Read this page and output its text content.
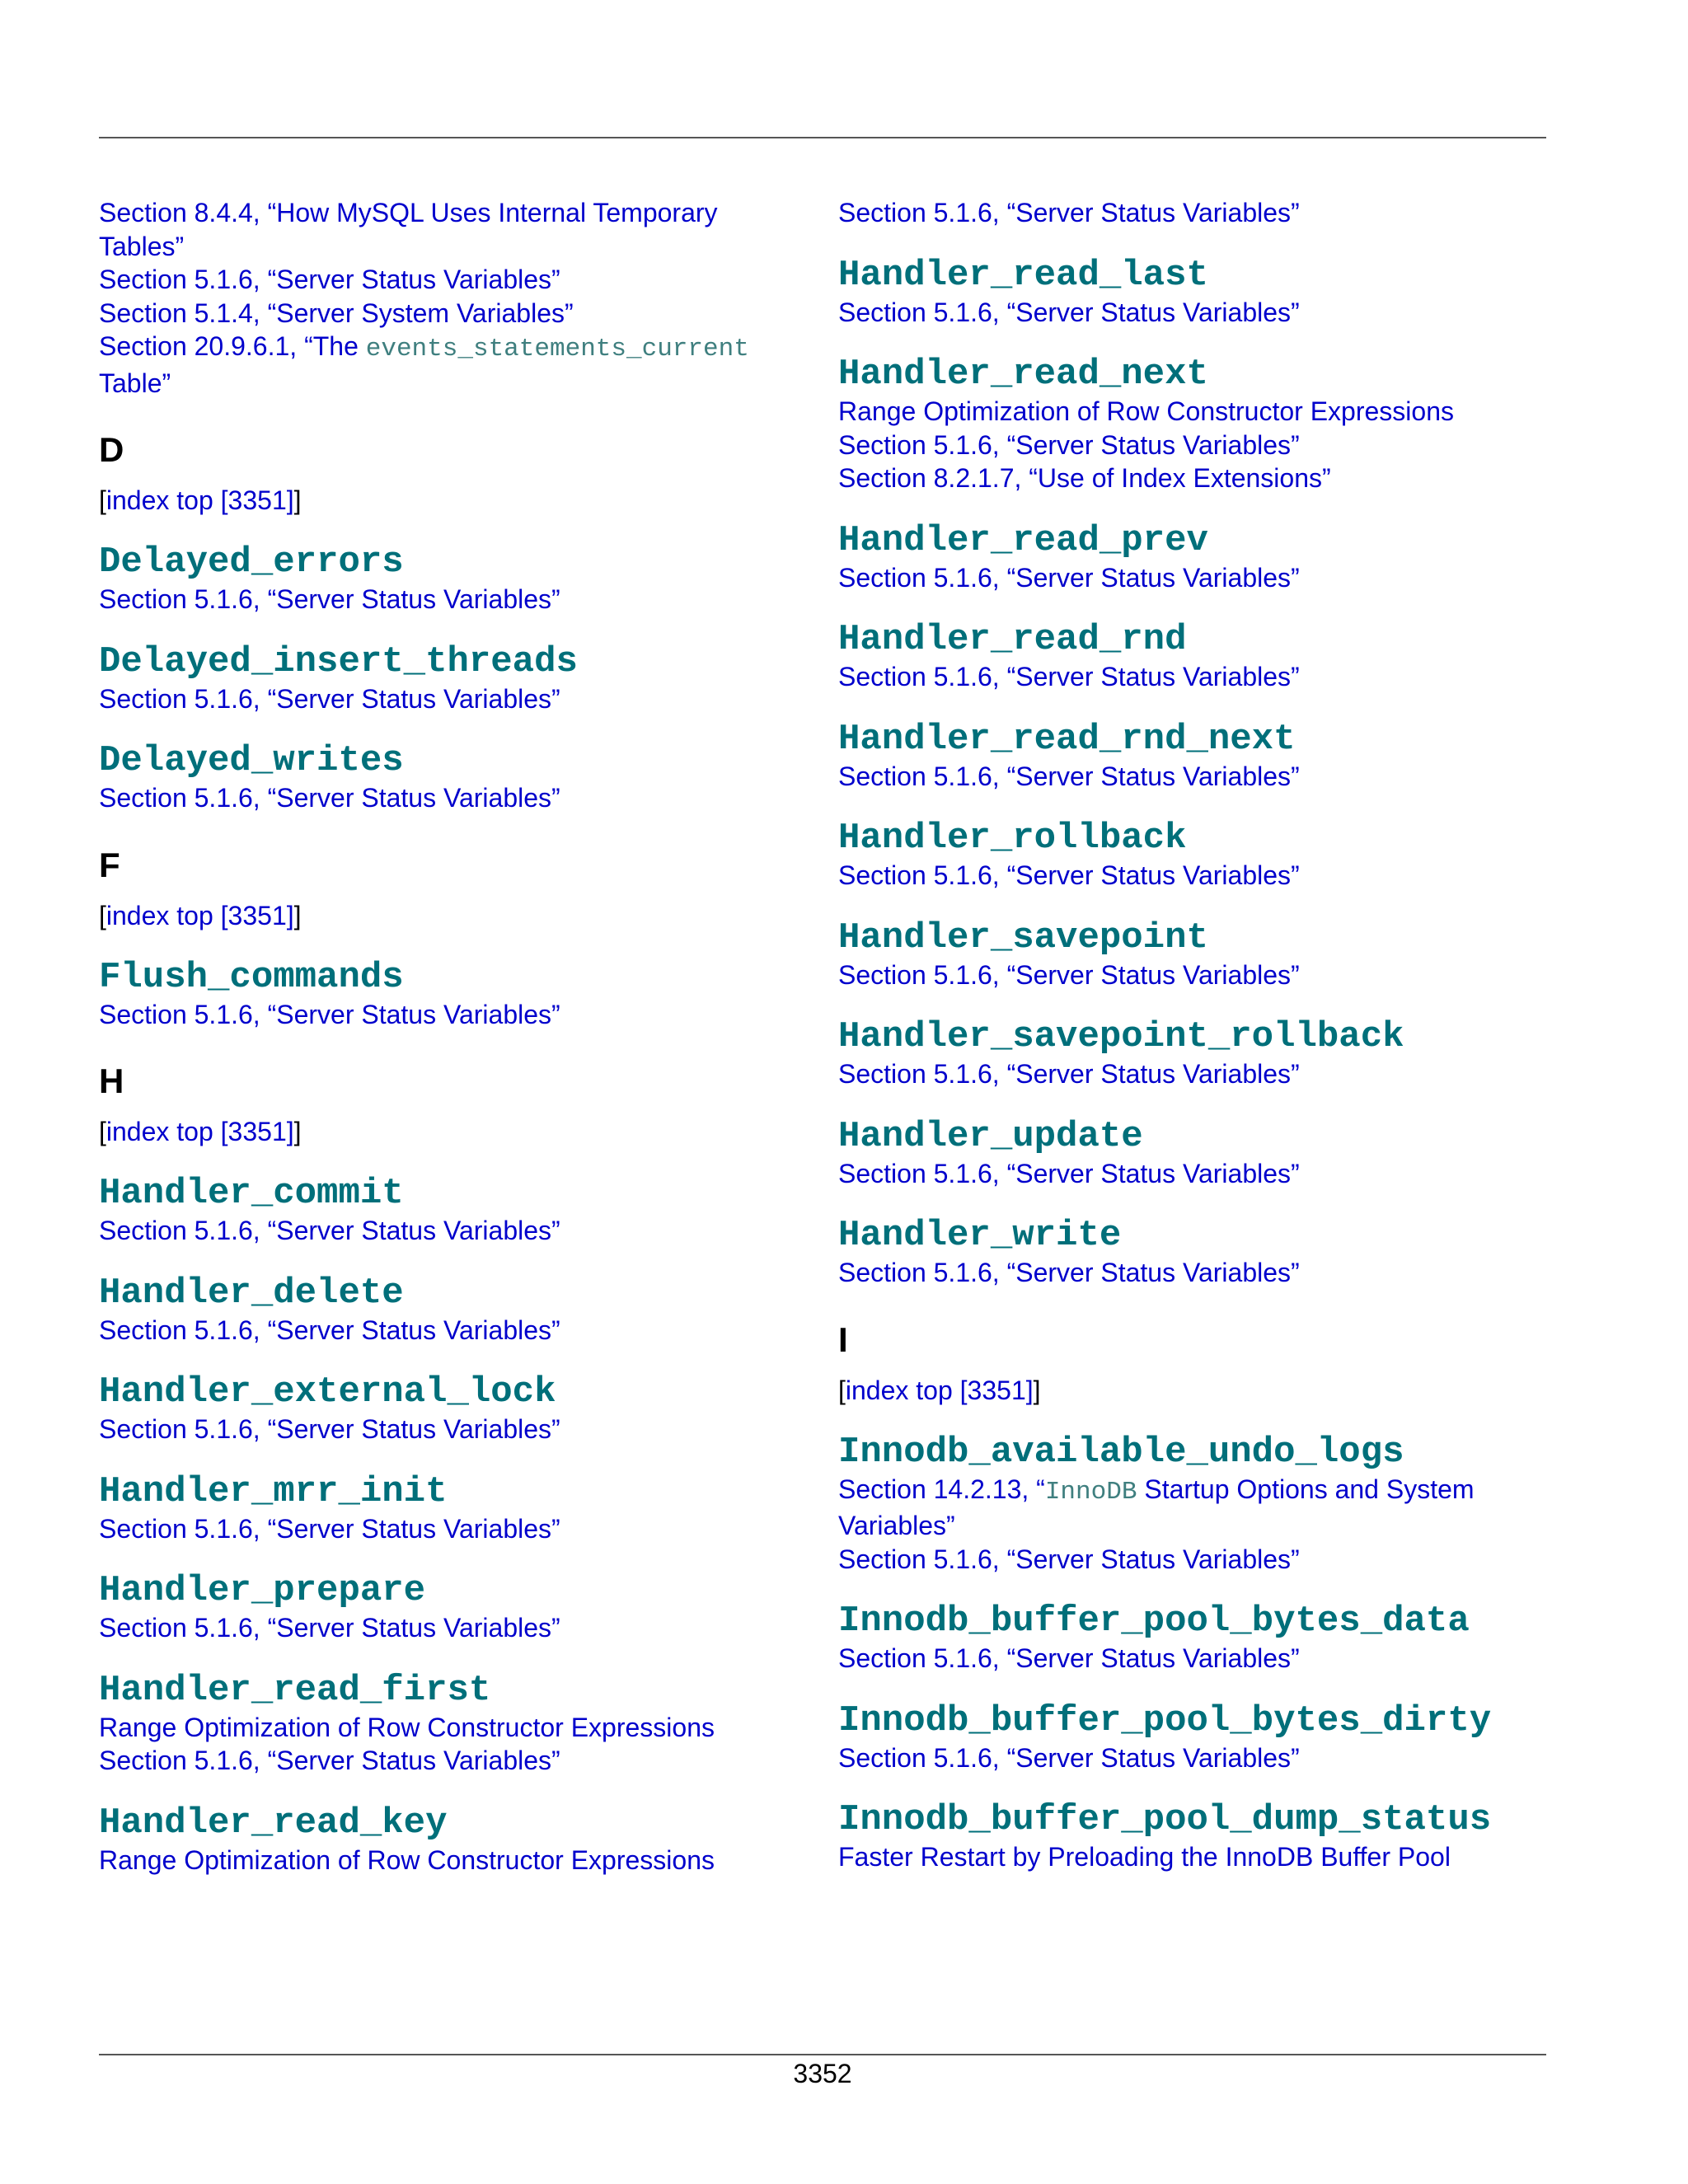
Section 8.4.4, “How MySQL Uses Internal Temporary
Tables”
Section 5.1.6, “Server Status Variables”
Section 5.1.4, “Server System Variables”
Section 20.9.6.1, “The events_statements_current
Table”
D
[index top [3351]]
Delayed_errors
Section 5.1.6, “Server Status Variables”
Delayed_insert_threads
Section 5.1.6, “Server Status Variables”
Delayed_writes
Section 5.1.6, “Server Status Variables”
F
[index top [3351]]
Flush_commands
Section 5.1.6, “Server Status Variables”
H
[index top [3351]]
Handler_commit
Section 5.1.6, “Server Status Variables”
Handler_delete
Section 5.1.6, “Server Status Variables”
Handler_external_lock
Section 5.1.6, “Server Status Variables”
Handler_mrr_init
Section 5.1.6, “Server Status Variables”
Handler_prepare
Section 5.1.6, “Server Status Variables”
Handler_read_first
Range Optimization of Row Constructor Expressions
Section 5.1.6, “Server Status Variables”
Handler_read_key
Range Optimization of Row Constructor Expressions
Section 5.1.6, “Server Status Variables”
Handler_read_last
Section 5.1.6, “Server Status Variables”
Handler_read_next
Range Optimization of Row Constructor Expressions
Section 5.1.6, “Server Status Variables”
Section 8.2.1.7, “Use of Index Extensions”
Handler_read_prev
Section 5.1.6, “Server Status Variables”
Handler_read_rnd
Section 5.1.6, “Server Status Variables”
Handler_read_rnd_next
Section 5.1.6, “Server Status Variables”
Handler_rollback
Section 5.1.6, “Server Status Variables”
Handler_savepoint
Section 5.1.6, “Server Status Variables”
Handler_savepoint_rollback
Section 5.1.6, “Server Status Variables”
Handler_update
Section 5.1.6, “Server Status Variables”
Handler_write
Section 5.1.6, “Server Status Variables”
I
[index top [3351]]
Innodb_available_undo_logs
Section 14.2.13, “InnoDB Startup Options and System
Variables”
Section 5.1.6, “Server Status Variables”
Innodb_buffer_pool_bytes_data
Section 5.1.6, “Server Status Variables”
Innodb_buffer_pool_bytes_dirty
Section 5.1.6, “Server Status Variables”
Innodb_buffer_pool_dump_status
Faster Restart by Preloading the InnoDB Buffer Pool
3352
